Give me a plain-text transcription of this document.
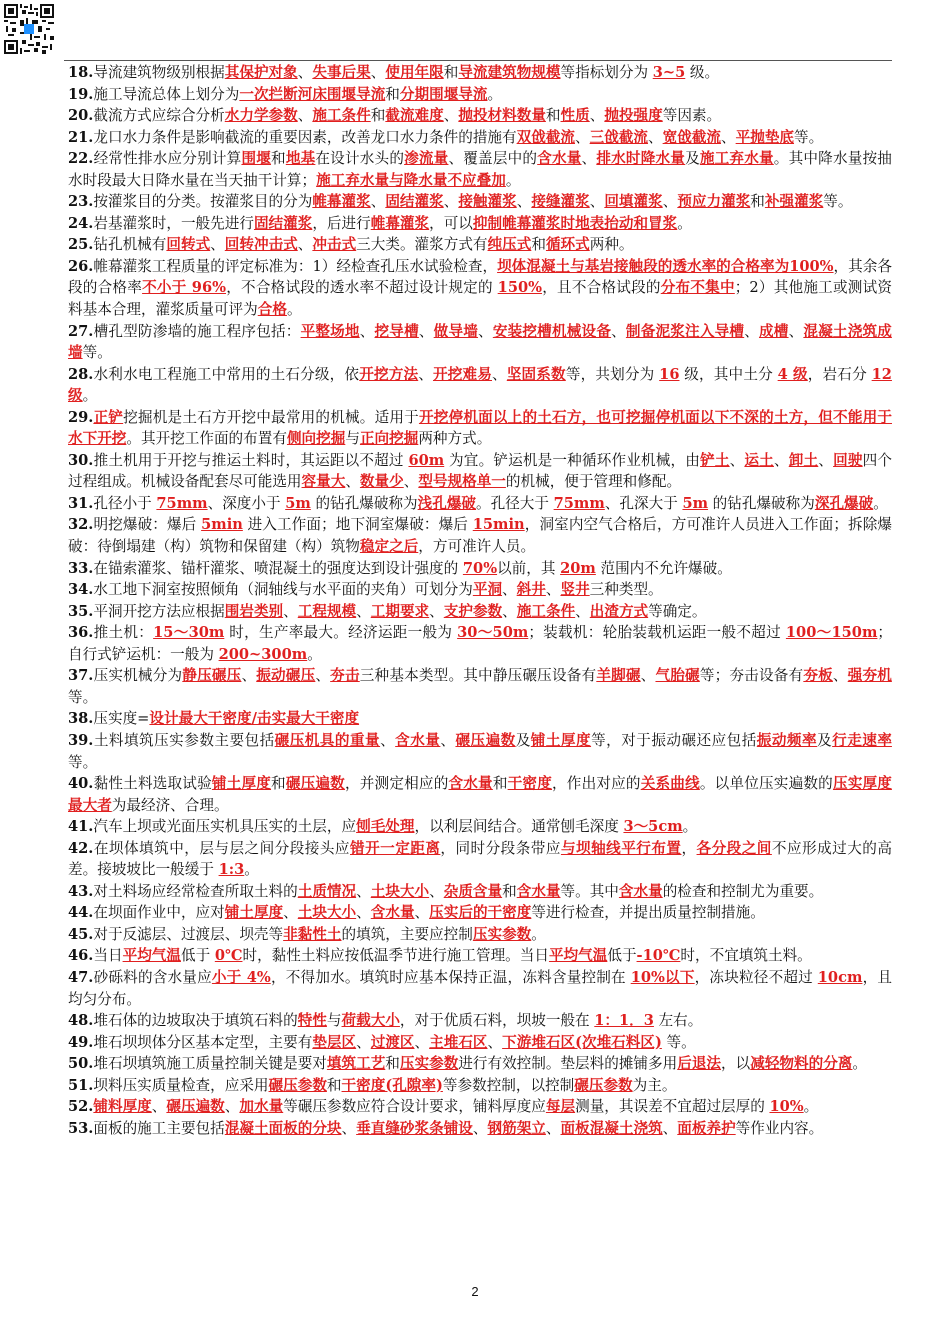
18.导流建筑物级别根据其保护对象、失事后果、使用年限和导流建筑物规模等指标划分为 3~5 级。
19.施工导流总体上划分为一次拦断河床围堰导流和分期围堰导流。
20.截流方式应综合分析水力学参数、施工条件和截流难度、抛投材料数量和性质、抛投强度等因素。
21.龙口水力条件是影响截流的重要因素，改善龙口水力条件的措施有双戗截流、三戗截流、宽戗截流、平抛垫底等。
22.经常性排水应分别计算围堰和地基在设计水头的渗流量、覆盖层中的含水量、排水时降水量及施工弃水量。其中降水量按抽水时段最大日降水量在当天抽干计算；施工弃水量与降水量不应叠加。
23.按灌浆目的分类。按灌浆目的分为帷幕灌浆、固结灌浆、接触灌浆、接缝灌浆、回填灌浆、预应力灌浆和补强灌浆等。
24.岩基灌浆时，一般先进行固结灌浆，后进行帷幕灌浆，可以抑制帷幕灌浆时地表抬动和冒浆。
25.钻孔机械有回转式、回转冲击式、冲击式三大类。灌浆方式有纯压式和循环式两种。
26.帷幕灌浆工程质量的评定标准为：1）经检查孔压水试验检查，坝体混凝土与基岩接触段的透水率的合格率为100%，其余各段的合格率不小于 96%，不合格试段的透水率不超过设计规定的 150%，且不合格试段的分布不集中；2）其他施工或测试资料基本合理，灌浆质量可评为合格。
27.槽孔型防渗墙的施工程序包括：平整场地、挖导槽、做导墙、安装挖槽机械设备、制备泥浆注入导槽、成槽、混凝土浇筑成墙等。
28.水利水电工程施工中常用的土石分级，依开挖方法、开挖难易、坚固系数等，共划分为 16 级，其中土分 4 级，岩石分 12 级。
29.正铲挖掘机是土石方开挖中最常用的机械。适用于开挖停机面以上的土石方，也可挖掘停机面以下不深的土方，但不能用于水下开挖。其开挖工作面的布置有侧向挖掘与正向挖掘两种方式。
30.推土机用于开挖与推运土料时，其运距以不超过 60m 为宜。铲运机是一种循环作业机械，由铲土、运土、卸土、回驶四个过程组成。机械设备配套尽可能选用容量大、数量少、型号规格单一的机械，便于管理和修配。
31.孔径小于 75mm、深度小于 5m 的钻孔爆破称为浅孔爆破。孔径大于 75mm、孔深大于 5m 的钻孔爆破称为深孔爆破。
32.明挖爆破：爆后 5min 进入工作面；地下洞室爆破：爆后 15min，洞室内空气合格后，方可准许人员进入工作面；拆除爆破：待倒塌建（构）筑物和保留建（构）筑物稳定之后，方可准许人员。
33.在锚索灌浆、锚杆灌浆、喷混凝土的强度达到设计强度的 70%以前，其 20m 范围内不允许爆破。
34.水工地下洞室按照倾角（洞轴线与水平面的夹角）可划分为平洞、斜井、竖井三种类型。
35.平洞开挖方法应根据围岩类别、工程规模、工期要求、支护参数、施工条件、出渣方式等确定。
36.推土机：15～30m 时，生产率最大。经济运距一般为 30～50m；装载机：轮胎装载机运距一般不超过 100～150m；自行式铲运机：一般为 200~300m。
37.压实机械分为静压碾压、振动碾压、夯击三种基本类型。其中静压碾压设备有羊脚碾、气胎碾等；夯击设备有夯板、强夯机等。
38.压实度=设计最大干密度/击实最大干密度
39.土料填筑压实参数主要包括碾压机具的重量、含水量、碾压遍数及铺土厚度等，对于振动碾还应包括振动频率及行走速率等。
40.黏性土料选取试验铺土厚度和碾压遍数，并测定相应的含水量和干密度，作出对应的关系曲线。以单位压实遍数的压实厚度最大者为最经济、合理。
41.汽车上坝或光面压实机具压实的土层，应刨毛处理，以利层间结合。通常刨毛深度 3～5cm。
42.在坝体填筑中，层与层之间分段接头应错开一定距离，同时分段条带应与坝轴线平行布置，各分段之间不应形成过大的高差。接坡坡比一般缓于 1:3。
43.对土料场应经常检查所取土料的土质情况、土块大小、杂质含量和含水量等。其中含水量的检查和控制尤为重要。
44.在坝面作业中，应对铺土厚度、土块大小、含水量、压实后的干密度等进行检查，并提出质量控制措施。
45.对于反滤层、过渡层、坝壳等非黏性土的填筑，主要应控制压实参数。
46.当日平均气温低于 0℃时，黏性土料应按低温季节进行施工管理。当日平均气温低于-10℃时，不宜填筑土料。
47.砂砾料的含水量应小于 4%，不得加水。填筑时应基本保持正温，冻料含量控制在 10%以下，冻块粒径不超过 10cm，且均匀分布。
48.堆石体的边坡取决于填筑石料的特性与荷载大小，对于优质石料，坝坡一般在 1：1．3 左右。
49.堆石坝坝体分区基本定型，主要有垫层区、过渡区、主堆石区、下游堆石区(次堆石料区) 等。
50.堆石坝填筑施工质量控制关键是要对填筑工艺和压实参数进行有效控制。垫层料的摊铺多用后退法，以减轻物料的分离。
51.坝料压实质量检查，应采用碾压参数和干密度(孔隙率)等参数控制，以控制碾压参数为主。
52.铺料厚度、碾压遍数、加水量等碾压参数应符合设计要求，铺料厚度应每层测量，其误差不宜超过层厚的 10%。
53.面板的施工主要包括混凝土面板的分块、垂直缝砂浆条铺设、钢筋架立、面板混凝土浇筑、面板养护等作业内容。
2
